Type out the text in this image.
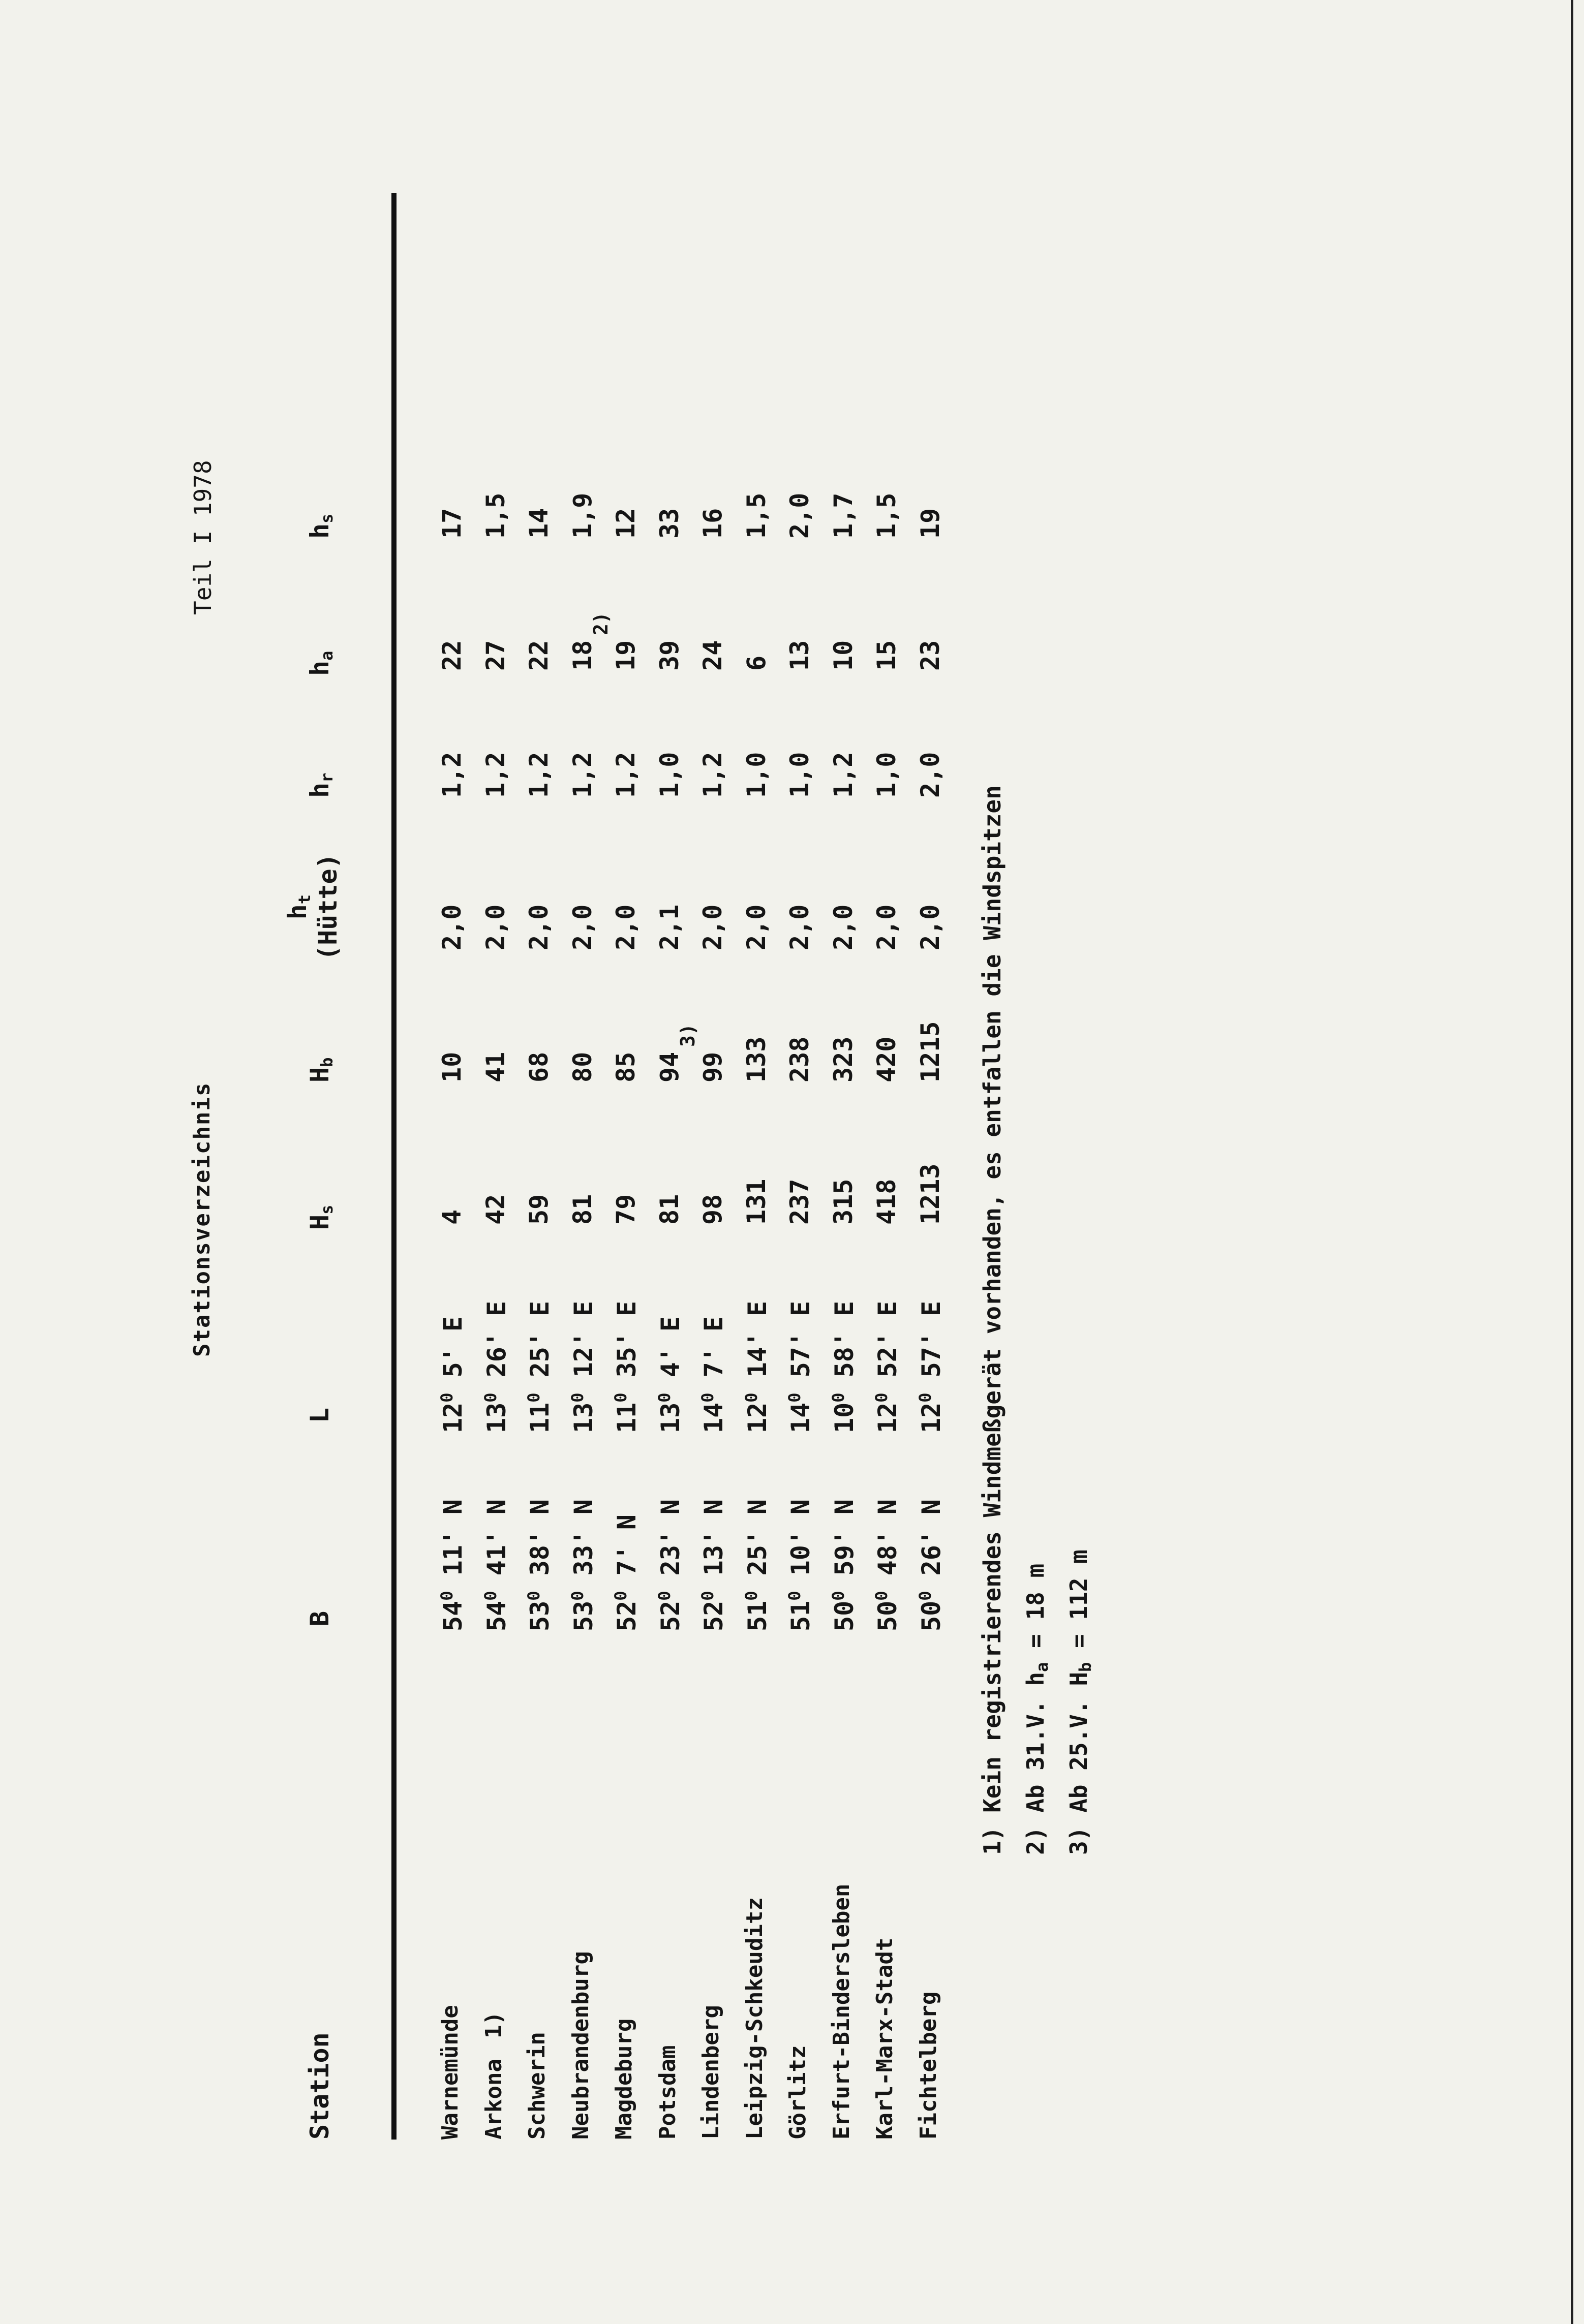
Stationsverzeichnis
Teil I 1978
Station
B
L
$H_s$
$H_b$
$h_t$
(Hütte)
$h_r$
$h_a$
$h_s$
Warnemünde
$54^0$ 11' N
$12^0$ 5' E
4
10
2,0
1,2
22
17
Arkona1)
$54^0$ 41' N
$13^0$ 26' E
42
41
2,0
1,2
27
1,5
Schwerin
$53^0$ 38' N
$11^0$ 25' E
59
68
2,0
1,2
22
14
Neubrandenburg
$53^0$ 33' N
$13^0$ 12' E
81
80
2,0
1,2
18
1,9
Magdeburg
$52^0$ 7' N
$11^0$ 35' E
79
85
2,0
1,2
19
2)
12
Potsdam
$52^0$ 23' N
$13^0$ 4' E
81
94
2,1
1,0
39
33
Lindenberg
$52^0$ 13' N
$14^0$ 7' E
98
99
3)
2,0
1,2
24
16
Leipzig-Schkeuditz
$51^0$ 25' N
$12^0$ 14' E
131
133
2,0
1,0
6
1,5
Görlitz
$51^0$ 10' N
$14^0$ 57' E
237
238
2,0
1,0
13
2,0
Erfurt-Bindersleben
$50^0$ 59' N
$10^0$ 58' E
315
323
2,0
1,2
10
1,7
Karl-Marx-Stadt
$50^0$ 48' N
$12^0$ 52' E
418
420
2,0
1,0
15
1,5
Fichtelberg
$50^0$ 26' N
$12^0$ 57' E
1213
1215
2,0
2,0
23
19
1) Kein registrierendes Windmeßgerät vorhanden, es entfallen die Windspitzen 2) Ab 31.V. $h_a = 18$ m
3) Ab 25.V. $H_b = 112$ m
